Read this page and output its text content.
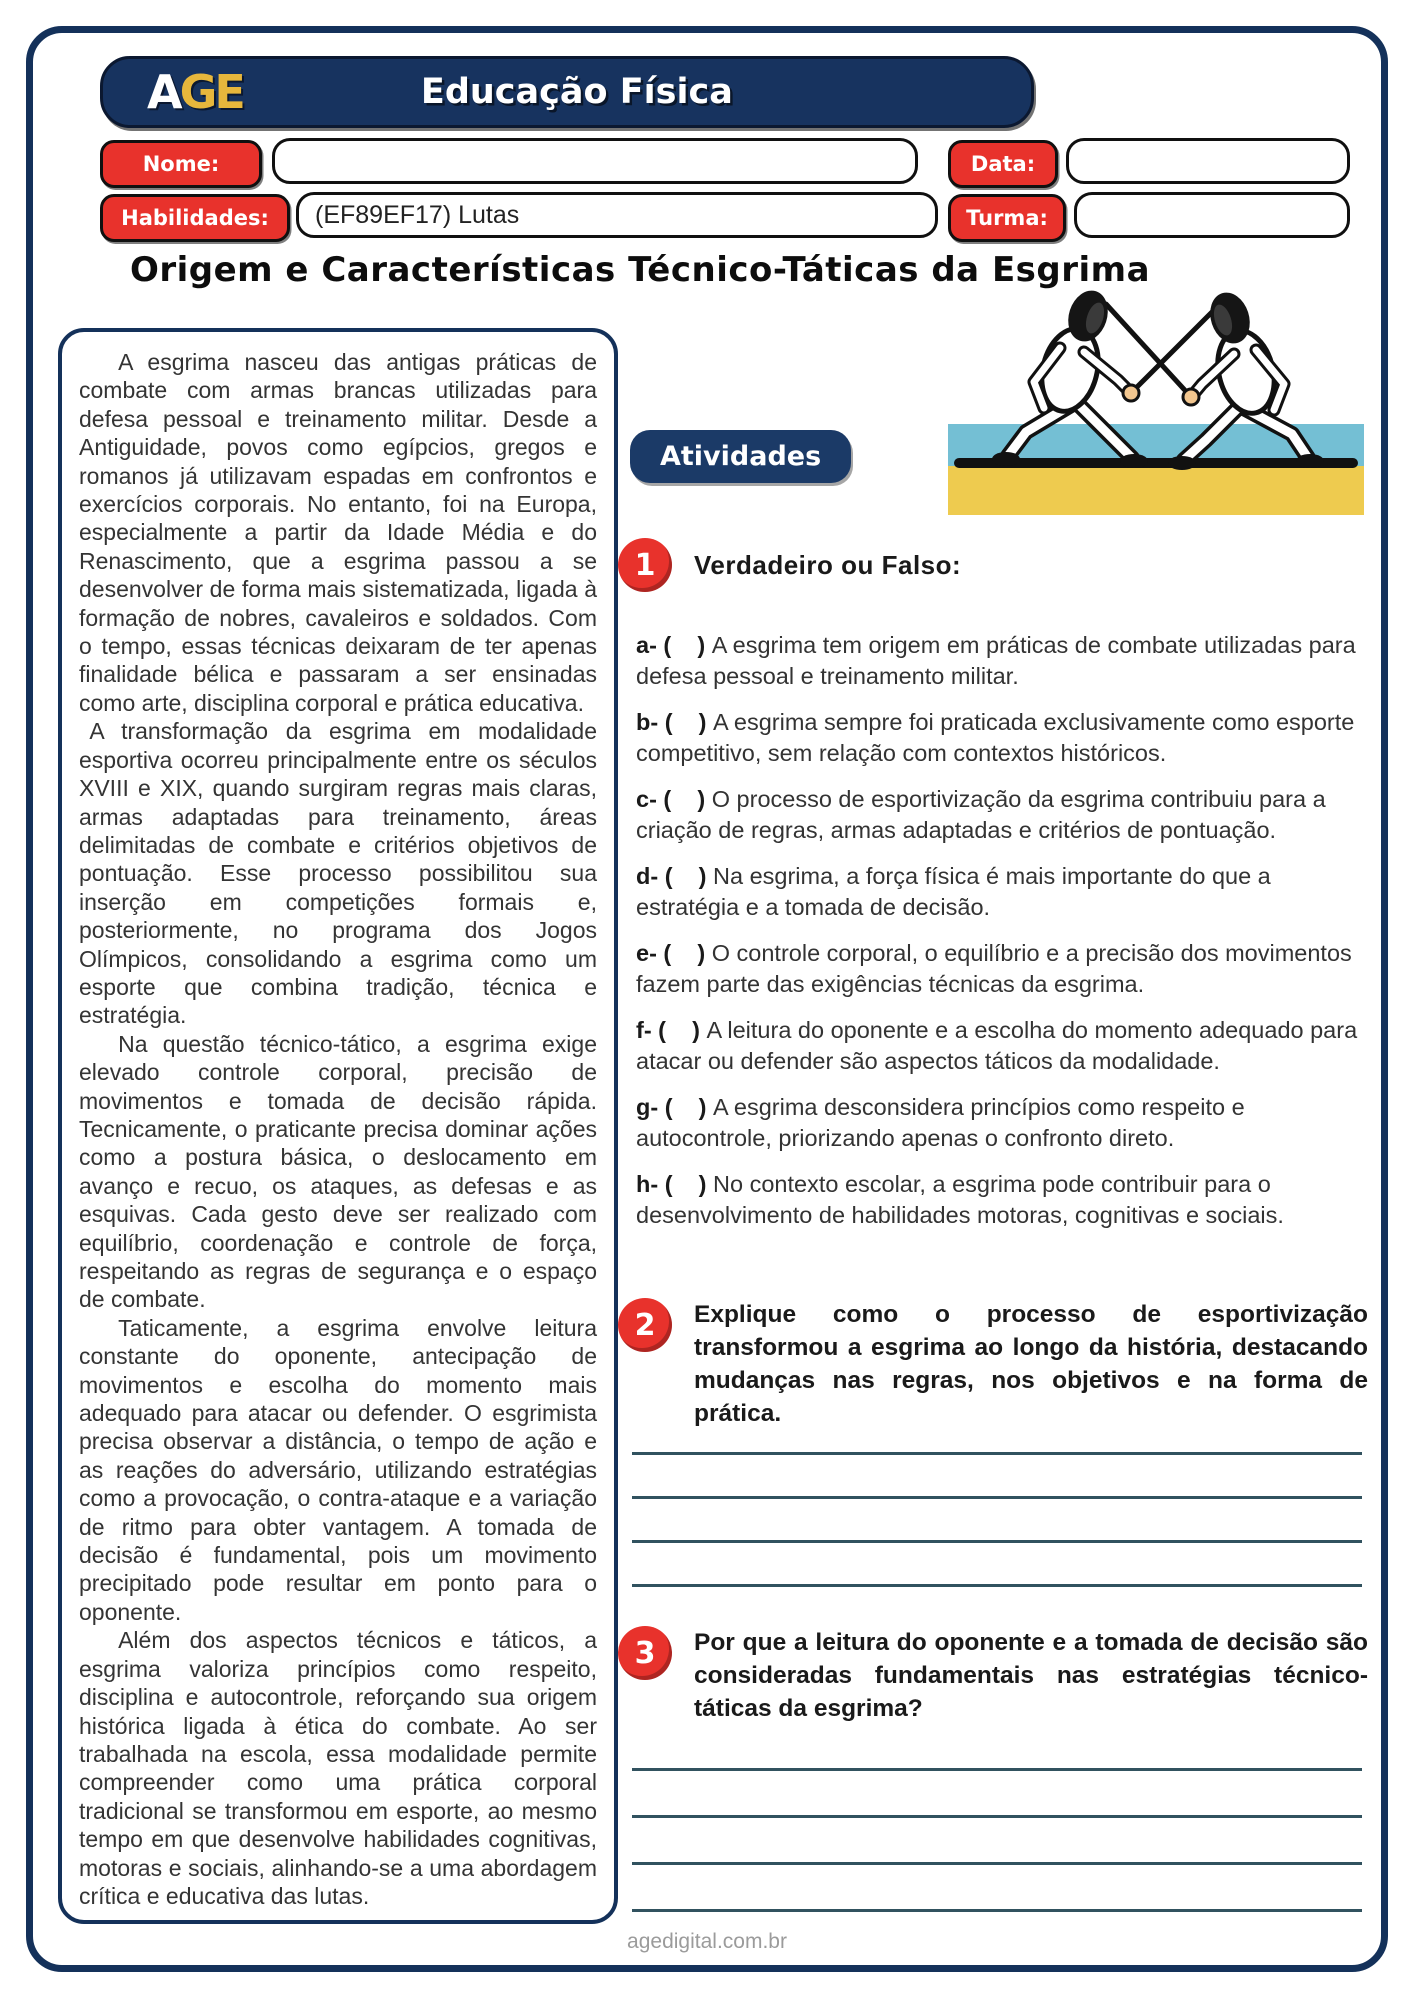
AGE	Educação Física
Nome:	Data:
Habilidades:	(EF89EF17) Lutas	Turma:
Origem e Características Técnico-Táticas da Esgrima

A esgrima nasceu das antigas práticas de combate com armas brancas utilizadas para defesa pessoal e treinamento militar. Desde a Antiguidade, povos como egípcios, gregos e romanos já utilizavam espadas em confrontos e exercícios corporais. No entanto, foi na Europa, especialmente a partir da Idade Média e do Renascimento, que a esgrima passou a se desenvolver de forma mais sistematizada, ligada à formação de nobres, cavaleiros e soldados. Com o tempo, essas técnicas deixaram de ter apenas finalidade bélica e passaram a ser ensinadas como arte, disciplina corporal e prática educativa.

A transformação da esgrima em modalidade esportiva ocorreu principalmente entre os séculos XVIII e XIX, quando surgiram regras mais claras, armas adaptadas para treinamento, áreas delimitadas de combate e critérios objetivos de pontuação. Esse processo possibilitou sua inserção em competições formais e, posteriormente, no programa dos Jogos Olímpicos, consolidando a esgrima como um esporte que combina tradição, técnica e estratégia.

Na questão técnico-tático, a esgrima exige elevado controle corporal, precisão de movimentos e tomada de decisão rápida. Tecnicamente, o praticante precisa dominar ações como a postura básica, o deslocamento em avanço e recuo, os ataques, as defesas e as esquivas. Cada gesto deve ser realizado com equilíbrio, coordenação e controle de força, respeitando as regras de segurança e o espaço de combate.

Taticamente, a esgrima envolve leitura constante do oponente, antecipação de movimentos e escolha do momento mais adequado para atacar ou defender. O esgrimista precisa observar a distância, o tempo de ação e as reações do adversário, utilizando estratégias como a provocação, o contra-ataque e a variação de ritmo para obter vantagem. A tomada de decisão é fundamental, pois um movimento precipitado pode resultar em ponto para o oponente.

Além dos aspectos técnicos e táticos, a esgrima valoriza princípios como respeito, disciplina e autocontrole, reforçando sua origem histórica ligada à ética do combate. Ao ser trabalhada na escola, essa modalidade permite compreender como uma prática corporal tradicional se transformou em esporte, ao mesmo tempo em que desenvolve habilidades cognitivas, motoras e sociais, alinhando-se a uma abordagem crítica e educativa das lutas.

Atividades
1	Verdadeiro ou Falso:
a- (    ) A esgrima tem origem em práticas de combate utilizadas para defesa pessoal e treinamento militar.
b- (    ) A esgrima sempre foi praticada exclusivamente como esporte competitivo, sem relação com contextos históricos.
c- (    ) O processo de esportivização da esgrima contribuiu para a criação de regras, armas adaptadas e critérios de pontuação.
d- (    ) Na esgrima, a força física é mais importante do que a estratégia e a tomada de decisão.
e- (    ) O controle corporal, o equilíbrio e a precisão dos movimentos fazem parte das exigências técnicas da esgrima.
f- (    ) A leitura do oponente e a escolha do momento adequado para atacar ou defender são aspectos táticos da modalidade.
g- (    ) A esgrima desconsidera princípios como respeito e autocontrole, priorizando apenas o confronto direto.
h- (    ) No contexto escolar, a esgrima pode contribuir para o desenvolvimento de habilidades motoras, cognitivas e sociais.
2	Explique como o processo de esportivização transformou a esgrima ao longo da história, destacando mudanças nas regras, nos objetivos e na forma de prática.
3	Por que a leitura do oponente e a tomada de decisão são consideradas fundamentais nas estratégias técnico-táticas da esgrima?
agedigital.com.br
